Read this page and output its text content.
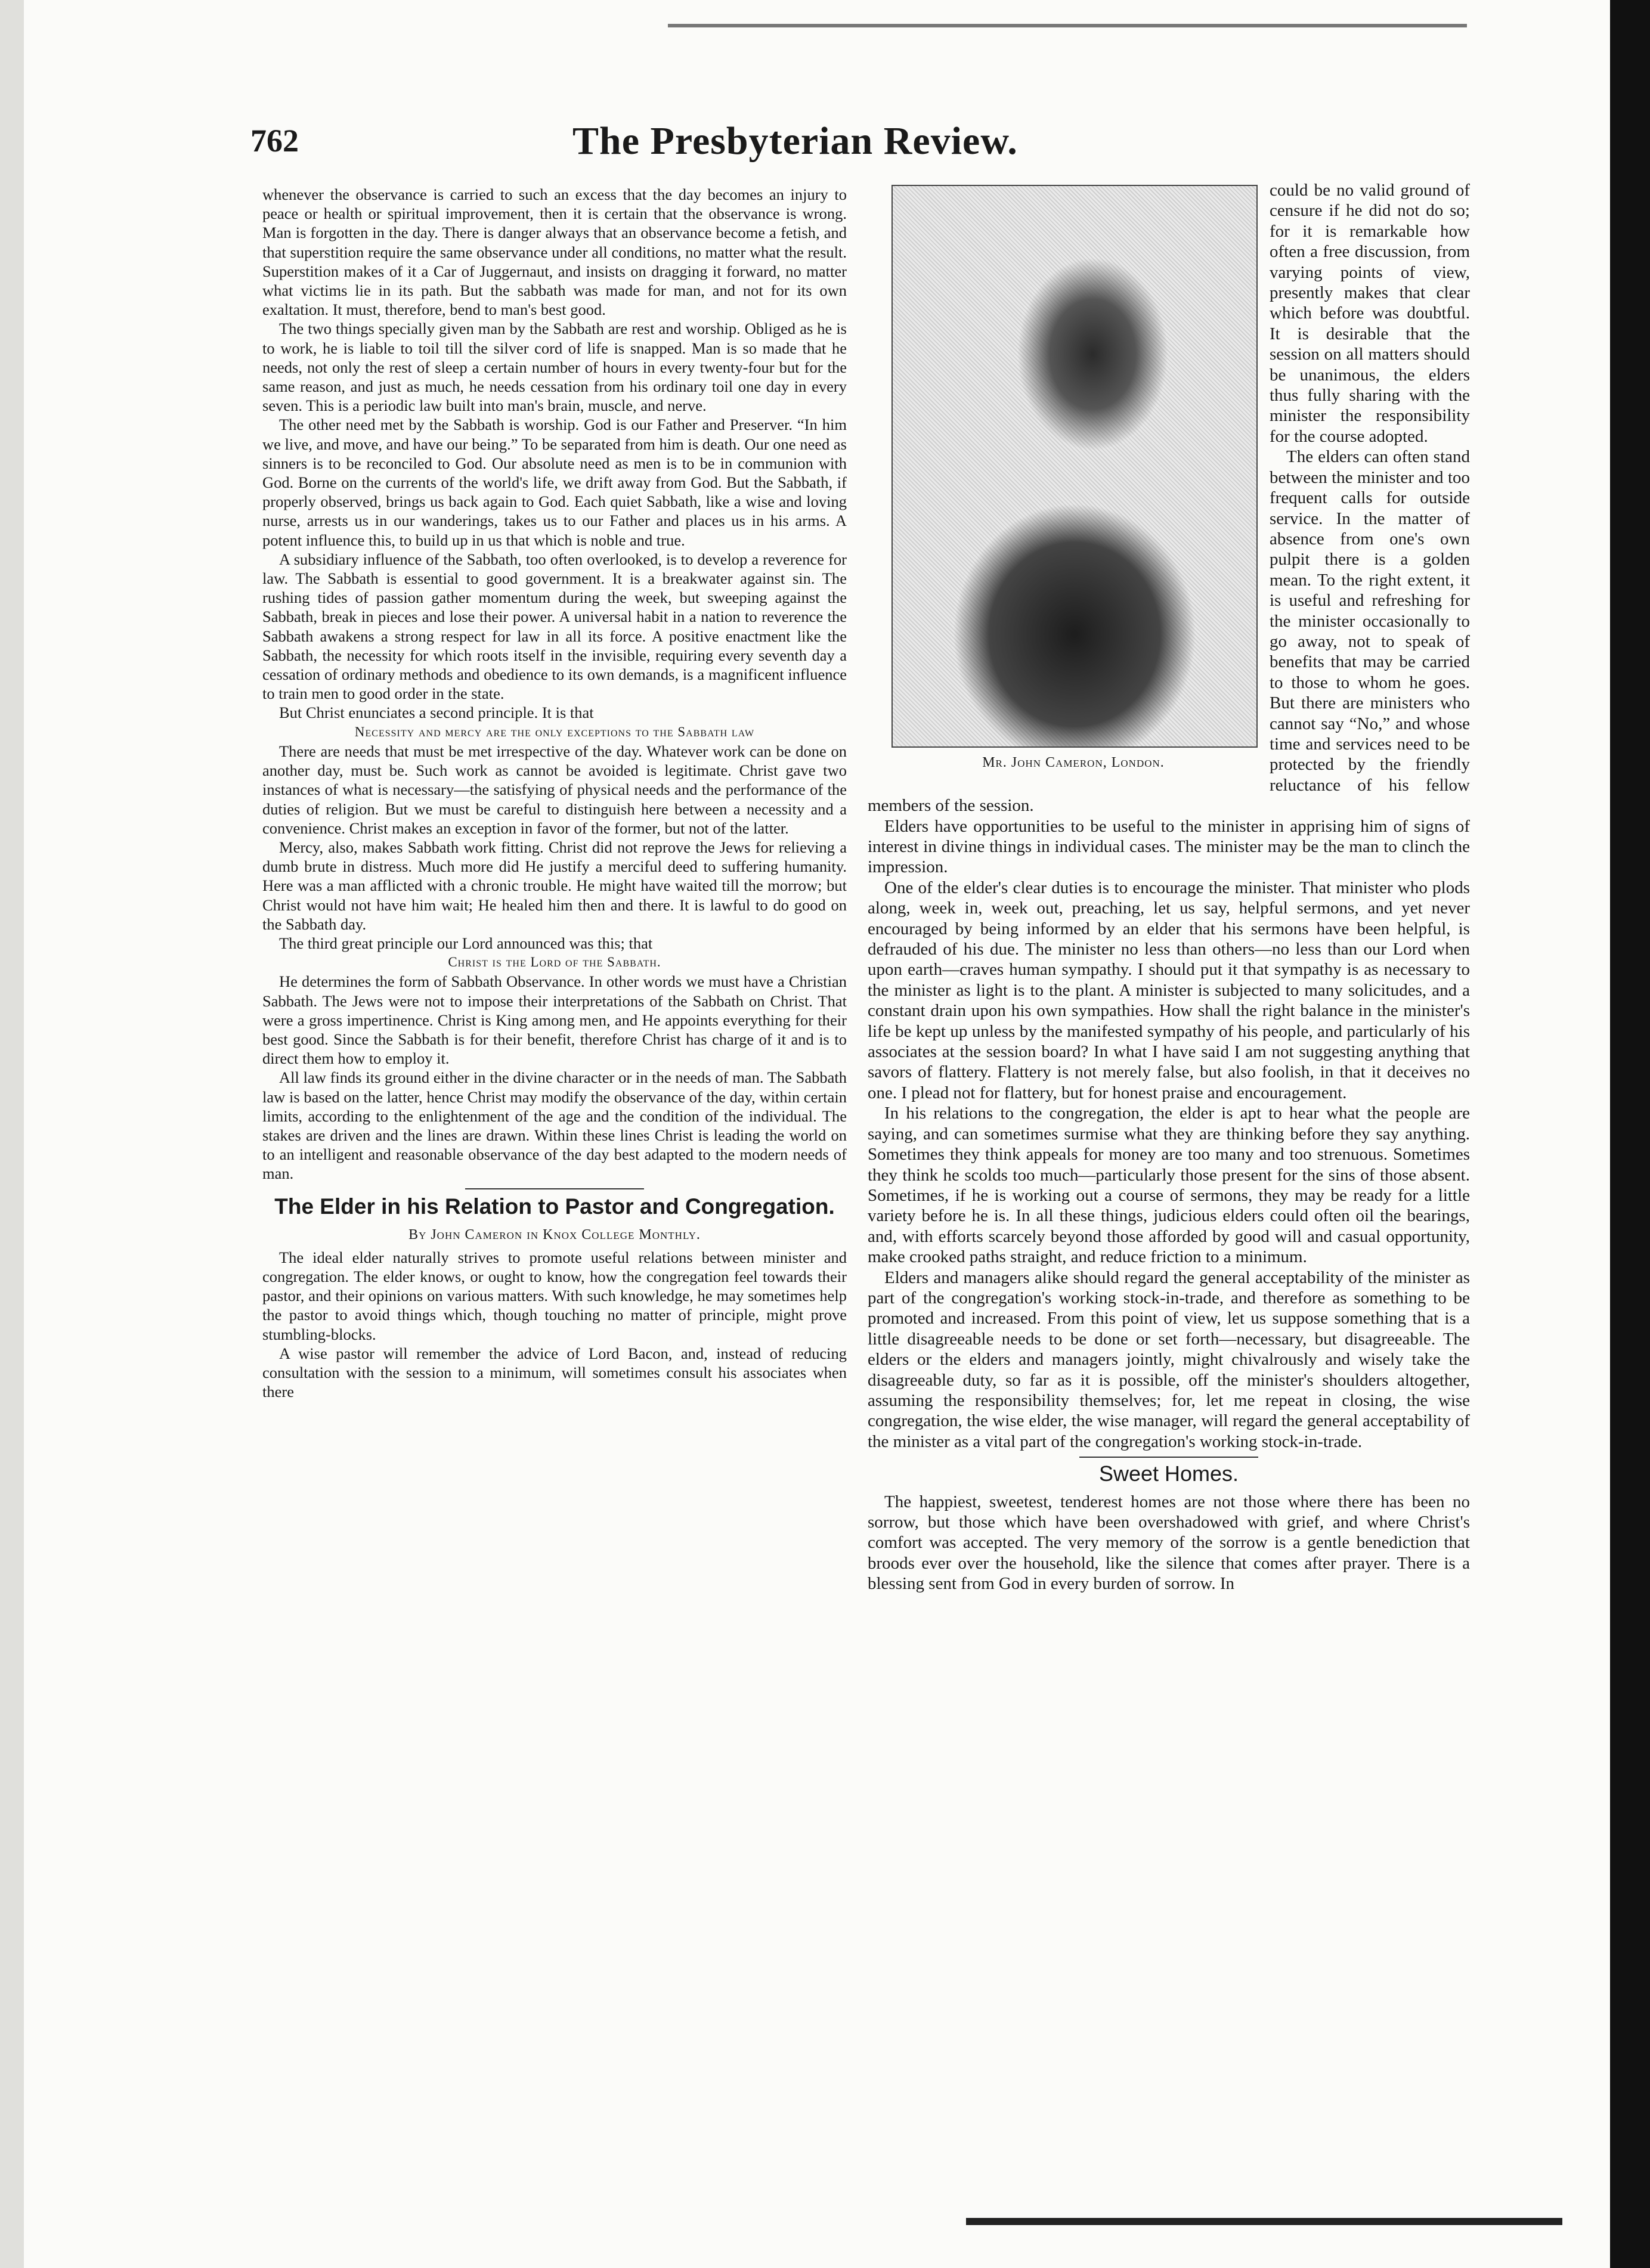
762	The Presbyterian Review.

whenever the observance is carried to such an excess that the day becomes an injury to peace or health or spiritual improvement, then it is certain that the observance is wrong. Man is forgotten in the day. There is danger always that an observance become a fetish, and that superstition require the same observance under all conditions, no matter what the result. Superstition makes of it a Car of Juggernaut, and insists on dragging it forward, no matter what victims lie in its path. But the sabbath was made for man, and not for its own exaltation. It must, therefore, bend to man's best good.

The two things specially given man by the Sabbath are rest and worship. Obliged as he is to work, he is liable to toil till the silver cord of life is snapped. Man is so made that he needs, not only the rest of sleep a certain number of hours in every twenty-four but for the same reason, and just as much, he needs cessation from his ordinary toil one day in every seven. This is a periodic law built into man's brain, muscle, and nerve.

The other need met by the Sabbath is worship. God is our Father and Preserver. “In him we live, and move, and have our being.” To be separated from him is death. Our one need as sinners is to be reconciled to God. Our absolute need as men is to be in communion with God. Borne on the currents of the world's life, we drift away from God. But the Sabbath, if properly observed, brings us back again to God. Each quiet Sabbath, like a wise and loving nurse, arrests us in our wanderings, takes us to our Father and places us in his arms. A potent influence this, to build up in us that which is noble and true.

A subsidiary influence of the Sabbath, too often overlooked, is to develop a reverence for law. The Sabbath is essential to good government. It is a breakwater against sin. The rushing tides of passion gather momentum during the week, but sweeping against the Sabbath, break in pieces and lose their power. A universal habit in a nation to reverence the Sabbath awakens a strong respect for law in all its force. A positive enactment like the Sabbath, the necessity for which roots itself in the invisible, requiring every seventh day a cessation of ordinary methods and obedience to its own demands, is a magnificent influence to train men to good order in the state.

But Christ enunciates a second principle. It is that

Necessity and mercy are the only exceptions to the Sabbath law

There are needs that must be met irrespective of the day. Whatever work can be done on another day, must be. Such work as cannot be avoided is legitimate. Christ gave two instances of what is necessary—the satisfying of physical needs and the performance of the duties of religion. But we must be careful to distinguish here between a necessity and a convenience. Christ makes an exception in favor of the former, but not of the latter.

Mercy, also, makes Sabbath work fitting. Christ did not reprove the Jews for relieving a dumb brute in distress. Much more did He justify a merciful deed to suffering humanity. Here was a man afflicted with a chronic trouble. He might have waited till the morrow; but Christ would not have him wait; He healed him then and there. It is lawful to do good on the Sabbath day.

The third great principle our Lord announced was this; that

Christ is the Lord of the Sabbath.

He determines the form of Sabbath Observance. In other words we must have a Christian Sabbath. The Jews were not to impose their interpretations of the Sabbath on Christ. That were a gross impertinence. Christ is King among men, and He appoints everything for their best good. Since the Sabbath is for their benefit, therefore Christ has charge of it and is to direct them how to employ it.

All law finds its ground either in the divine character or in the needs of man. The Sabbath law is based on the latter, hence Christ may modify the observance of the day, within certain limits, according to the enlightenment of the age and the condition of the individual. The stakes are driven and the lines are drawn. Within these lines Christ is leading the world on to an intelligent and reasonable observance of the day best adapted to the modern needs of man.

The Elder in his Relation to Pastor and Congregation.
By John Cameron in Knox College Monthly.

The ideal elder naturally strives to promote useful relations between minister and congregation. The elder knows, or ought to know, how the congregation feel towards their pastor, and their opinions on various matters. With such knowledge, he may sometimes help the pastor to avoid things which, though touching no matter of principle, might prove stumbling-blocks.

A wise pastor will remember the advice of Lord Bacon, and, instead of reducing consultation with the session to a minimum, will sometimes consult his associates when there

Mr. John Cameron, London.
could be no valid ground of censure if he did not do so; for it is remarkable how often a free discussion, from varying points of view, presently makes that clear which before was doubtful. It is desirable that the session on all matters should be unanimous, the elders thus fully sharing with the minister the responsibility for the course adopted.

The elders can often stand between the minister and too frequent calls for outside service. In the matter of absence from one's own pulpit there is a golden mean. To the right extent, it is useful and refreshing for the minister occasionally to go away, not to speak of benefits that may be carried to those to whom he goes. But there are ministers who cannot say “No,” and whose time and services need to be protected by the friendly reluctance of his fellow members of the session.

Elders have opportunities to be useful to the minister in apprising him of signs of interest in divine things in individual cases. The minister may be the man to clinch the impression.

One of the elder's clear duties is to encourage the minister. That minister who plods along, week in, week out, preaching, let us say, helpful sermons, and yet never encouraged by being informed by an elder that his sermons have been helpful, is defrauded of his due. The minister no less than others—no less than our Lord when upon earth—craves human sympathy. I should put it that sympathy is as necessary to the minister as light is to the plant. A minister is subjected to many solicitudes, and a constant drain upon his own sympathies. How shall the right balance in the minister's life be kept up unless by the manifested sympathy of his people, and particularly of his associates at the session board? In what I have said I am not suggesting anything that savors of flattery. Flattery is not merely false, but also foolish, in that it deceives no one. I plead not for flattery, but for honest praise and encouragement.

In his relations to the congregation, the elder is apt to hear what the people are saying, and can sometimes surmise what they are thinking before they say anything. Sometimes they think appeals for money are too many and too strenuous. Sometimes they think he scolds too much—particularly those present for the sins of those absent. Sometimes, if he is working out a course of sermons, they may be ready for a little variety before he is. In all these things, judicious elders could often oil the bearings, and, with efforts scarcely beyond those afforded by good will and casual opportunity, make crooked paths straight, and reduce friction to a minimum.

Elders and managers alike should regard the general acceptability of the minister as part of the congregation's working stock-in-trade, and therefore as something to be promoted and increased. From this point of view, let us suppose something that is a little disagreeable needs to be done or set forth—necessary, but disagreeable. The elders or the elders and managers jointly, might chivalrously and wisely take the disagreeable duty, so far as it is possible, off the minister's shoulders altogether, assuming the responsibility themselves; for, let me repeat in closing, the wise congregation, the wise elder, the wise manager, will regard the general acceptability of the minister as a vital part of the congregation's working stock-in-trade.

Sweet Homes.

The happiest, sweetest, tenderest homes are not those where there has been no sorrow, but those which have been overshadowed with grief, and where Christ's comfort was accepted. The very memory of the sorrow is a gentle benediction that broods ever over the household, like the silence that comes after prayer. There is a blessing sent from God in every burden of sorrow. In
